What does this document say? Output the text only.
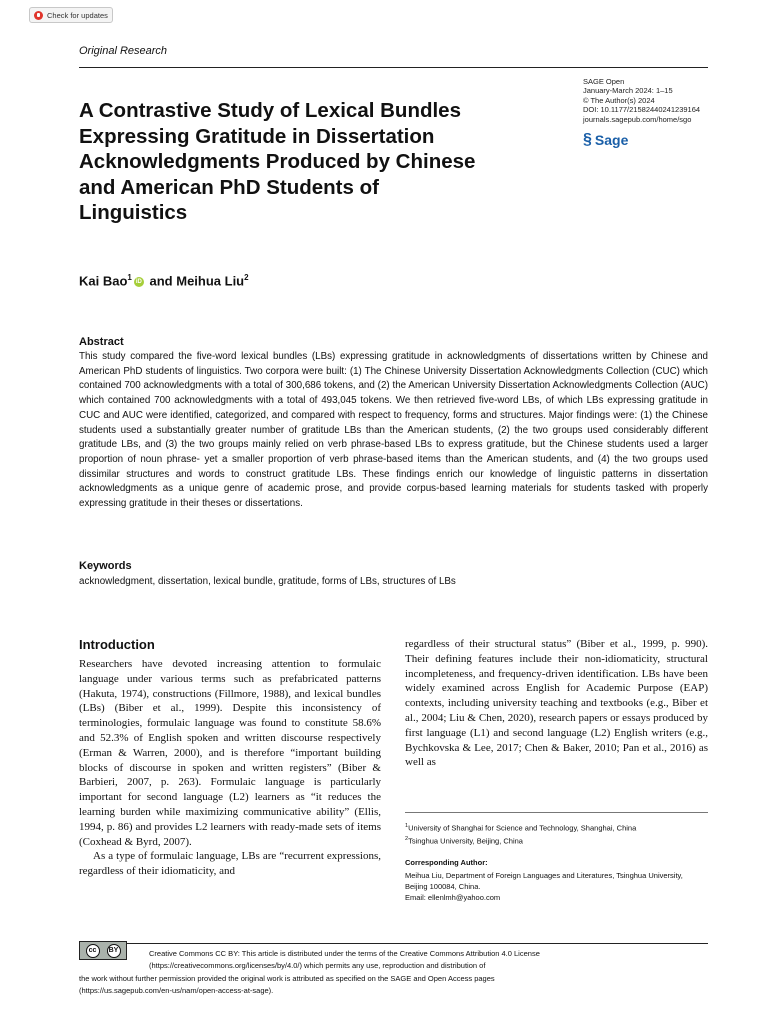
Check for updates
Original Research
SAGE Open
January-March 2024: 1–15
© The Author(s) 2024
DOI: 10.1177/21582440241239164
journals.sagepub.com/home/sgo
§ Sage
A Contrastive Study of Lexical Bundles
Expressing Gratitude in Dissertation
Acknowledgments Produced by Chinese
and American PhD Students of
Linguistics
Kai Bao$^1$ iD and Meihua Liu$^2$
Abstract
This study compared the five-word lexical bundles (LBs) expressing gratitude in acknowledgments of dissertations written by Chinese and American PhD students of linguistics. Two corpora were built: (1) The Chinese University Dissertation Acknowledgments Collection (CUC) which contained 700 acknowledgments with a total of 300,686 tokens, and (2) the American University Dissertation Acknowledgments Collection (AUC) which contained 700 acknowledgments with a total of 493,045 tokens. We then retrieved five-word LBs, of which LBs expressing gratitude in CUC and AUC were identified, categorized, and compared with respect to frequency, forms and structures. Major findings were: (1) the Chinese students used a substantially greater number of gratitude LBs than the American students, (2) the two groups used considerably different gratitude LBs, and (3) the two groups mainly relied on verb phrase-based LBs to express gratitude, but the Chinese students used a larger proportion of noun phrase- yet a smaller proportion of verb phrase-based items than the American students, and (4) the two groups used dissimilar structures and words to construct gratitude LBs. These findings enrich our knowledge of linguistic patterns in dissertation acknowledgments as a unique genre of academic prose, and provide corpus-based learning materials for students tasked with properly expressing gratitude in their theses or dissertations.
Keywords
acknowledgment, dissertation, lexical bundle, gratitude, forms of LBs, structures of LBs
Introduction

Researchers have devoted increasing attention to formulaic language under various terms such as prefabricated patterns (Hakuta, 1974), constructions (Fillmore, 1988), and lexical bundles (LBs) (Biber et al., 1999). Despite this inconsistency of terminologies, formulaic language was found to constitute 58.6% and 52.3% of English spoken and written discourse respectively (Erman & Warren, 2000), and is therefore “important building blocks of discourse in spoken and written registers” (Biber & Barbieri, 2007, p. 263). Formulaic language is particularly important for second language (L2) learners as “it reduces the learning burden while maximizing communicative ability” (Ellis, 1994, p. 86) and provides L2 learners with ready-made sets of items (Coxhead & Byrd, 2007).

As a type of formulaic language, LBs are “recurrent expressions, regardless of their idiomaticity, and

regardless of their structural status” (Biber et al., 1999, p. 990). Their defining features include their non-idiomaticity, structural incompleteness, and frequency-driven identification. LBs have been widely examined across English for Academic Purpose (EAP) contexts, including university teaching and textbooks (e.g., Biber et al., 2004; Liu & Chen, 2020), research papers or essays produced by first language (L1) and second language (L2) English writers (e.g., Bychkovska & Lee, 2017; Chen & Baker, 2010; Pan et al., 2016) as well as

$^1$University of Shanghai for Science and Technology, Shanghai, China
$^2$Tsinghua University, Beijing, China
Corresponding Author:
Meihua Liu, Department of Foreign Languages and Literatures, Tsinghua University, Beijing 100084, China.
Email: ellenlmh@yahoo.com
cc	BY	Creative Commons CC BY: This article is distributed under the terms of the Creative Commons Attribution 4.0 License
(https://creativecommons.org/licenses/by/4.0/) which permits any use, reproduction and distribution of
the work without further permission provided the original work is attributed as specified on the SAGE and Open Access pages
(https://us.sagepub.com/en-us/nam/open-access-at-sage).
